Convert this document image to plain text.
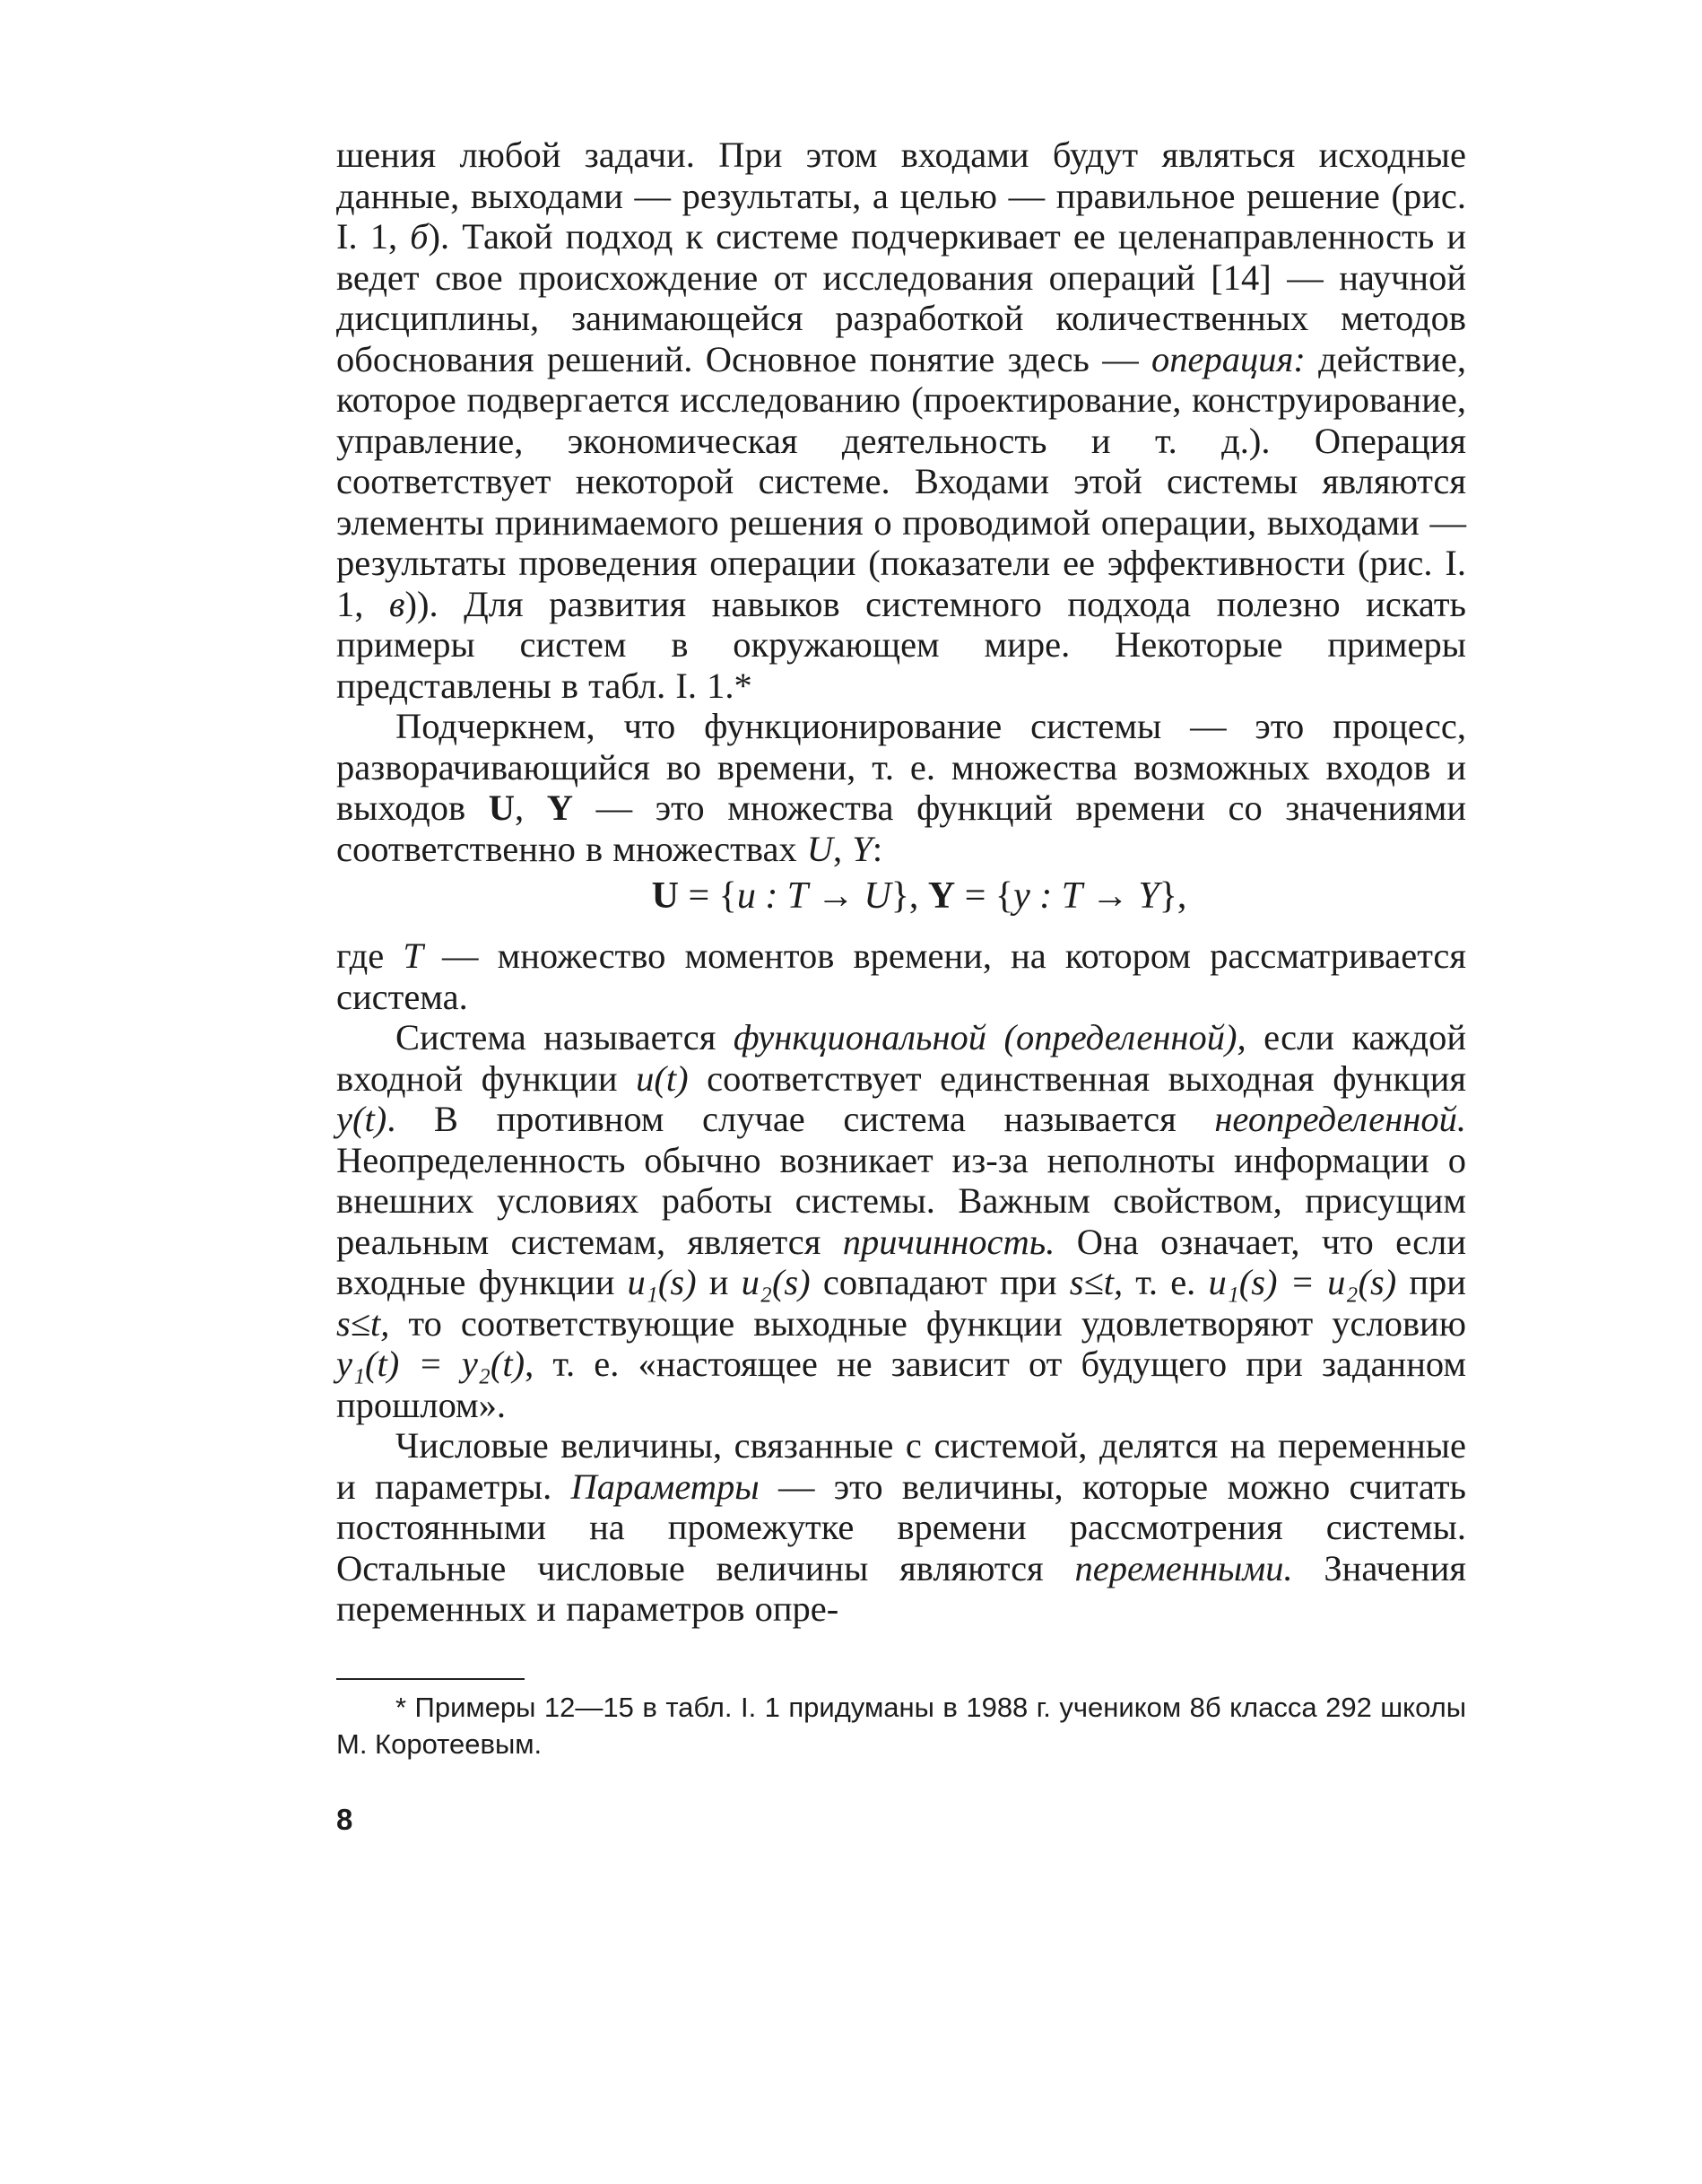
шения любой задачи. При этом входами будут являться исходные данные, выходами — результаты, а целью — правильное решение (рис. I. 1, б). Такой подход к системе подчеркивает ее целенаправленность и ведет свое происхождение от исследования операций [14] — научной дисциплины, занимающейся разработкой количественных методов обоснования решений. Основное понятие здесь — операция: действие, которое подвергается исследованию (проектирование, конструирование, управление, экономическая деятельность и т. д.). Операция соответствует некоторой системе. Входами этой системы являются элементы принимаемого решения о проводимой операции, выходами — результаты проведения операции (показатели ее эффективности (рис. I. 1, в)). Для развития навыков системного подхода полезно искать примеры систем в окружающем мире. Некоторые примеры представлены в табл. I. 1.*

Подчеркнем, что функционирование системы — это процесс, разворачивающийся во времени, т. е. множества возможных входов и выходов U, Y — это множества функций времени со значениями соответственно в множествах U, Y:

U = {u : T → U}, Y = {y : T → Y},

где T — множество моментов времени, на котором рассматривается система.

Система называется функциональной (определенной), если каждой входной функции u(t) соответствует единственная выходная функция y(t). В противном случае система называется неопределенной. Неопределенность обычно возникает из-за неполноты информации о внешних условиях работы системы. Важным свойством, присущим реальным системам, является причинность. Она означает, что если входные функции u₁(s) и u₂(s) совпадают при s≤t, т. е. u₁(s) = u₂(s) при s≤t, то соответствующие выходные функции удовлетворяют условию y₁(t) = y₂(t), т. е. «настоящее не зависит от будущего при заданном прошлом».

Числовые величины, связанные с системой, делятся на переменные и параметры. Параметры — это величины, которые можно считать постоянными на промежутке времени рассмотрения системы. Остальные числовые величины являются переменными. Значения переменных и параметров опре-

* Примеры 12—15 в табл. I. 1 придуманы в 1988 г. учеником 8б класса 292 школы М. Коротеевым.

8
